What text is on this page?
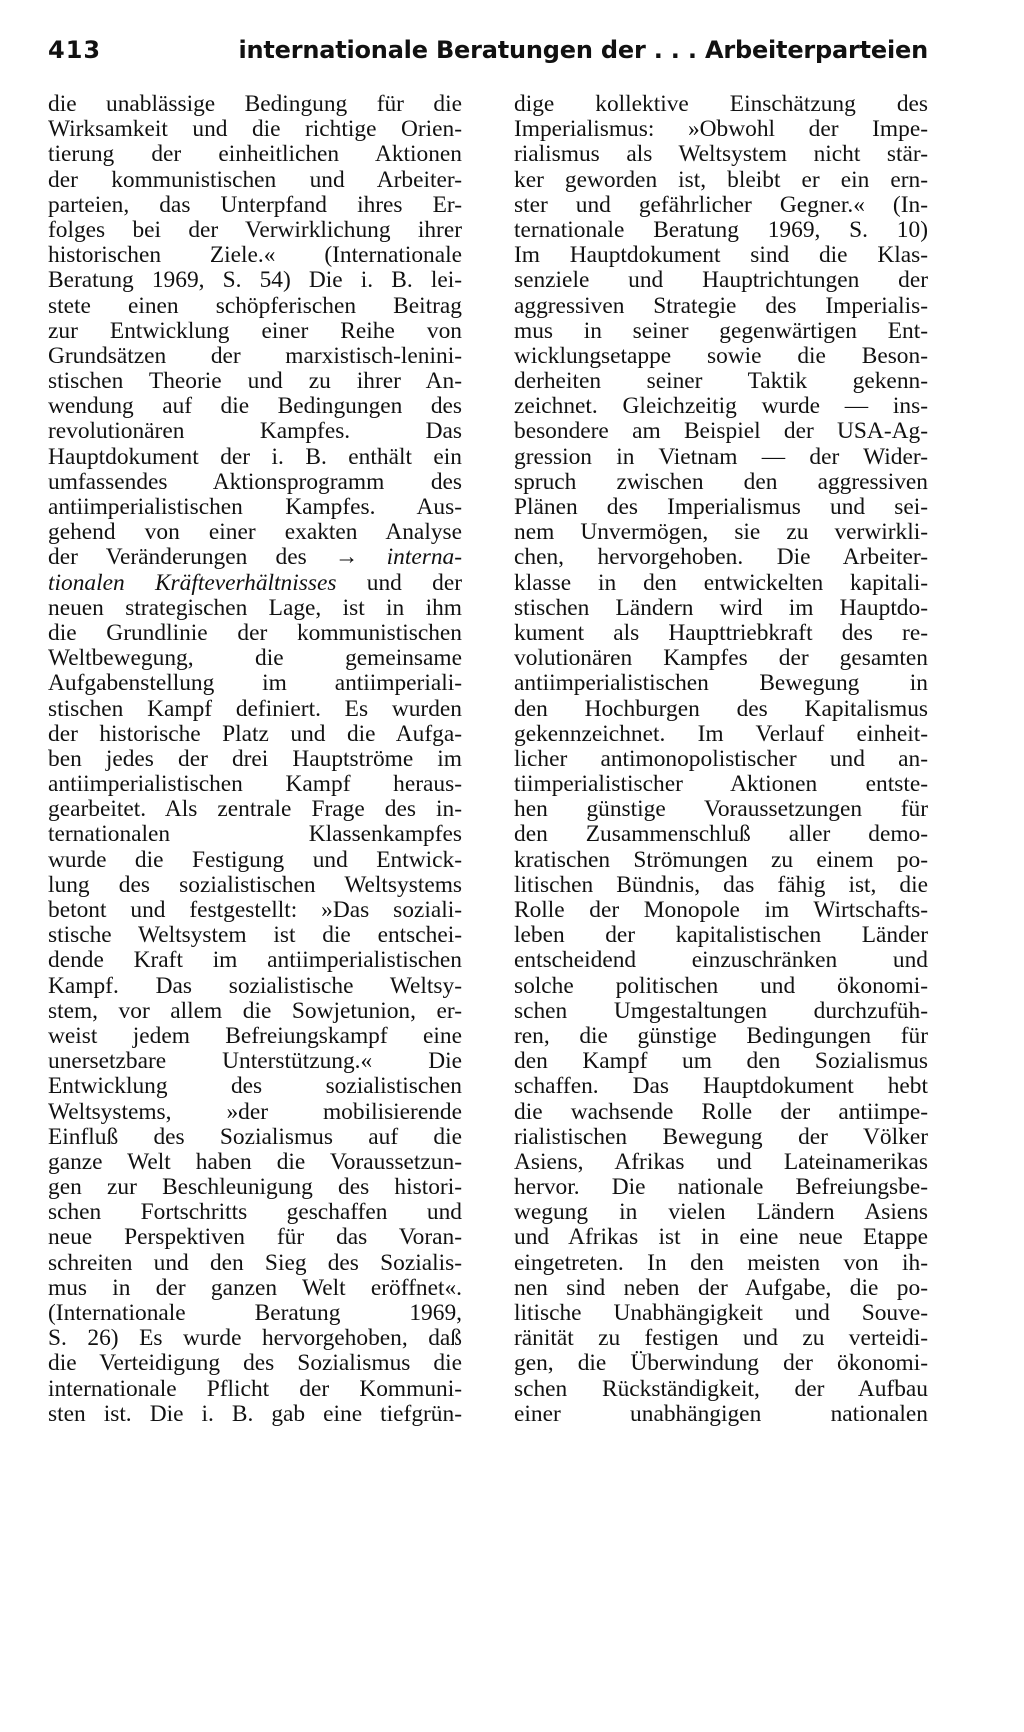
413	internationale Beratungen der . . . Arbeiterparteien
die unablässige Bedingung für die
Wirksamkeit und die richtige Orien-
tierung der einheitlichen Aktionen
der kommunistischen und Arbeiter-
parteien, das Unterpfand ihres Er-
folges bei der Verwirklichung ihrer
historischen Ziele.« (Internationale
Beratung 1969, S. 54) Die i. B. lei-
stete einen schöpferischen Beitrag
zur Entwicklung einer Reihe von
Grundsätzen der marxistisch-lenini-
stischen Theorie und zu ihrer An-
wendung auf die Bedingungen des
revolutionären Kampfes. Das
Hauptdokument der i. B. enthält ein
umfassendes Aktionsprogramm des
antiimperialistischen Kampfes. Aus-
gehend von einer exakten Analyse
der Veränderungen des → interna-
tionalen Kräfteverhältnisses und der
neuen strategischen Lage, ist in ihm
die Grundlinie der kommunistischen
Weltbewegung, die gemeinsame
Aufgabenstellung im antiimperiali-
stischen Kampf definiert. Es wurden
der historische Platz und die Aufga-
ben jedes der drei Hauptströme im
antiimperialistischen Kampf heraus-
gearbeitet. Als zentrale Frage des in-
ternationalen Klassenkampfes
wurde die Festigung und Entwick-
lung des sozialistischen Weltsystems
betont und festgestellt: »Das soziali-
stische Weltsystem ist die entschei-
dende Kraft im antiimperialistischen
Kampf. Das sozialistische Weltsy-
stem, vor allem die Sowjetunion, er-
weist jedem Befreiungskampf eine
unersetzbare Unterstützung.« Die
Entwicklung des sozialistischen
Weltsystems, »der mobilisierende
Einfluß des Sozialismus auf die
ganze Welt haben die Voraussetzun-
gen zur Beschleunigung des histori-
schen Fortschritts geschaffen und
neue Perspektiven für das Voran-
schreiten und den Sieg des Sozialis-
mus in der ganzen Welt eröffnet«.
(Internationale Beratung 1969,
S. 26) Es wurde hervorgehoben, daß
die Verteidigung des Sozialismus die
internationale Pflicht der Kommuni-
sten ist. Die i. B. gab eine tiefgrün-
dige kollektive Einschätzung des
Imperialismus: »Obwohl der Impe-
rialismus als Weltsystem nicht stär-
ker geworden ist, bleibt er ein ern-
ster und gefährlicher Gegner.« (In-
ternationale Beratung 1969, S. 10)
Im Hauptdokument sind die Klas-
senziele und Hauptrichtungen der
aggressiven Strategie des Imperialis-
mus in seiner gegenwärtigen Ent-
wicklungsetappe sowie die Beson-
derheiten seiner Taktik gekenn-
zeichnet. Gleichzeitig wurde — ins-
besondere am Beispiel der USA-Ag-
gression in Vietnam — der Wider-
spruch zwischen den aggressiven
Plänen des Imperialismus und sei-
nem Unvermögen, sie zu verwirkli-
chen, hervorgehoben. Die Arbeiter-
klasse in den entwickelten kapitali-
stischen Ländern wird im Hauptdo-
kument als Haupttriebkraft des re-
volutionären Kampfes der gesamten
antiimperialistischen Bewegung in
den Hochburgen des Kapitalismus
gekennzeichnet. Im Verlauf einheit-
licher antimonopolistischer und an-
tiimperialistischer Aktionen entste-
hen günstige Voraussetzungen für
den Zusammenschluß aller demo-
kratischen Strömungen zu einem po-
litischen Bündnis, das fähig ist, die
Rolle der Monopole im Wirtschafts-
leben der kapitalistischen Länder
entscheidend einzuschränken und
solche politischen und ökonomi-
schen Umgestaltungen durchzufüh-
ren, die günstige Bedingungen für
den Kampf um den Sozialismus
schaffen. Das Hauptdokument hebt
die wachsende Rolle der antiimpe-
rialistischen Bewegung der Völker
Asiens, Afrikas und Lateinamerikas
hervor. Die nationale Befreiungsbe-
wegung in vielen Ländern Asiens
und Afrikas ist in eine neue Etappe
eingetreten. In den meisten von ih-
nen sind neben der Aufgabe, die po-
litische Unabhängigkeit und Souve-
ränität zu festigen und zu verteidi-
gen, die Überwindung der ökonomi-
schen Rückständigkeit, der Aufbau
einer unabhängigen nationalen
